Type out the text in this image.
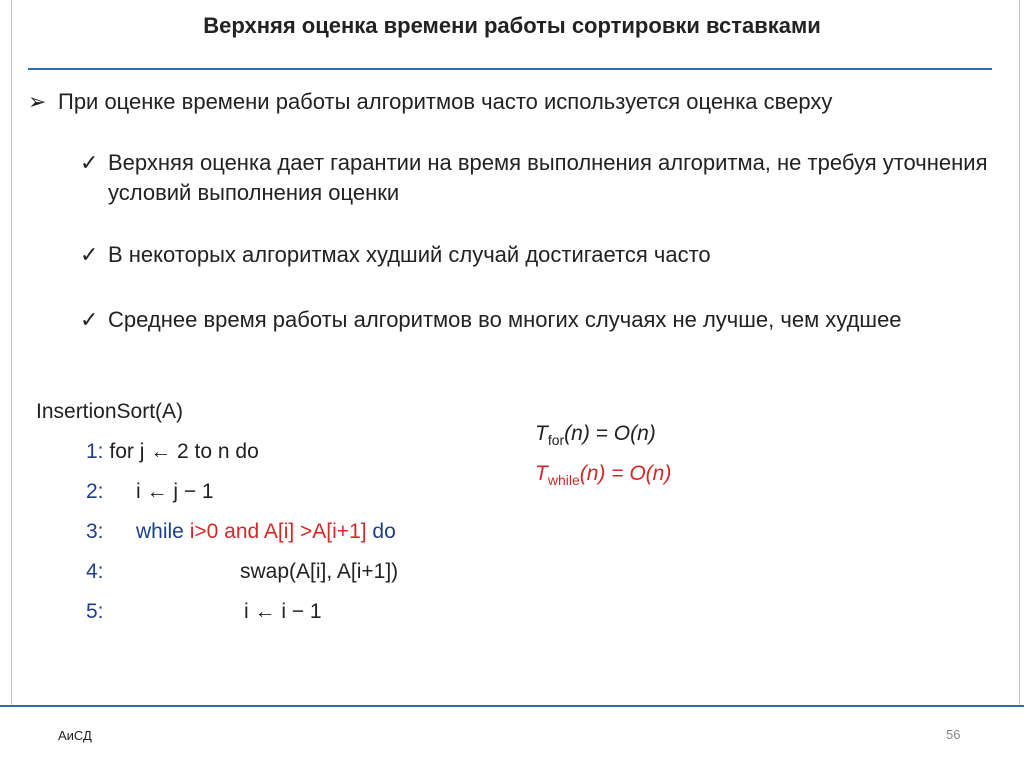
Верхняя оценка времени работы сортировки вставками
➢ При оценке времени работы алгоритмов часто используется оценка сверху
✓ Верхняя оценка дает гарантии на время выполнения алгоритма, не требуя уточнения условий выполнения оценки
✓ В некоторых алгоритмах худший случай достигается часто
✓ Среднее время работы алгоритмов во многих случаях не лучше, чем худшее
InsertionSort(A)
1: for j ← 2 to n do
2: i ← j − 1
3: while i>0 and A[i] >A[i+1] do
4:	swap(A[i], A[i+1])
5:	i ← i − 1
$T_{for}(n) = O(n)$
$T_{while}(n) = O(n)$
АиСД	56
